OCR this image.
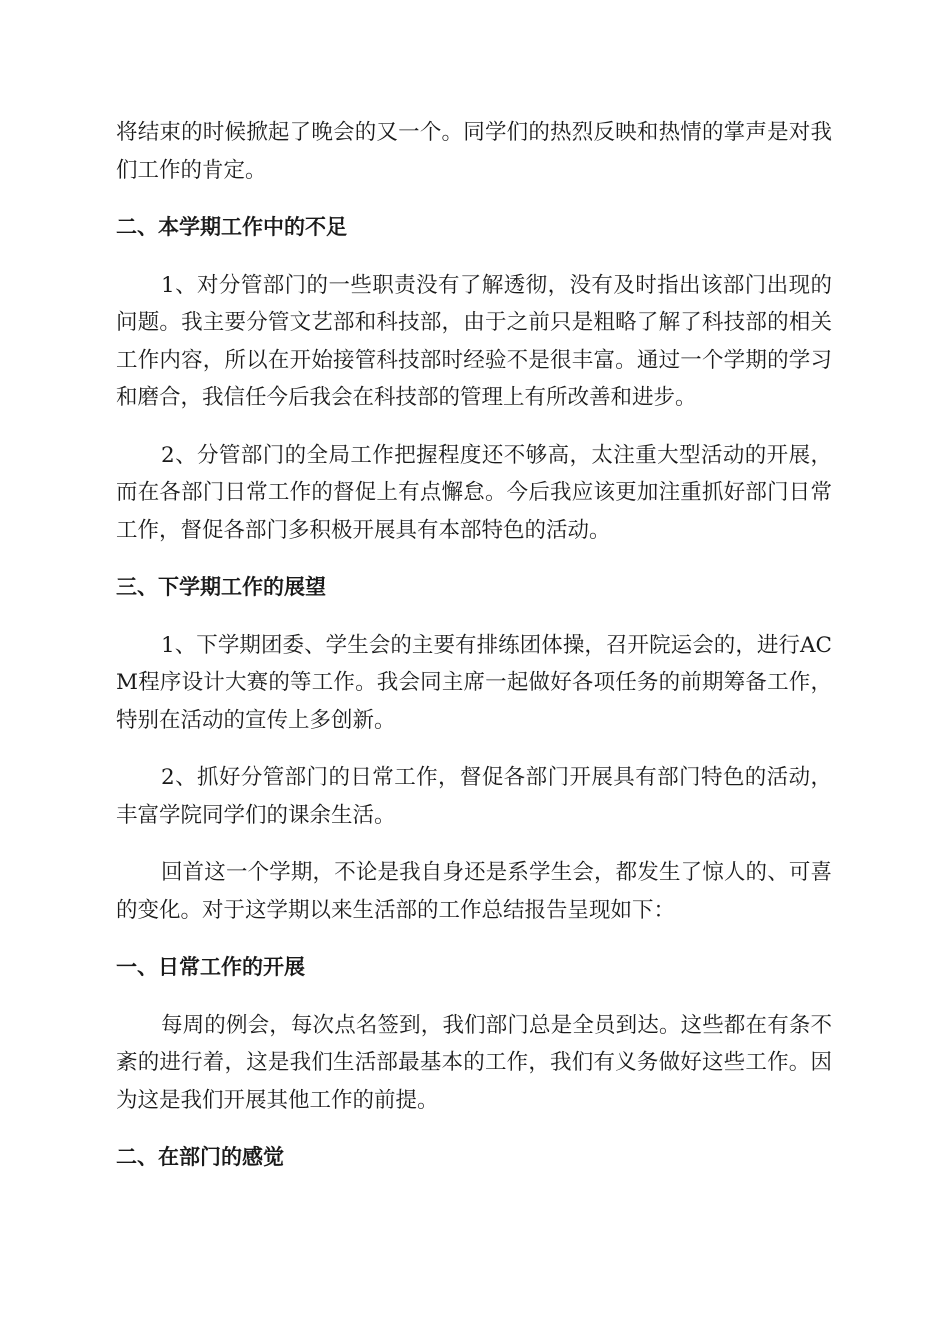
将结束的时候掀起了晚会的又一个。同学们的热烈反映和热情的掌声是对我们工作的肯定。

二、本学期工作中的不足

1、对分管部门的一些职责没有了解透彻，没有及时指出该部门出现的问题。我主要分管文艺部和科技部，由于之前只是粗略了解了科技部的相关工作内容，所以在开始接管科技部时经验不是很丰富。通过一个学期的学习和磨合，我信任今后我会在科技部的管理上有所改善和进步。

2、分管部门的全局工作把握程度还不够高，太注重大型活动的开展，而在各部门日常工作的督促上有点懈怠。今后我应该更加注重抓好部门日常工作，督促各部门多积极开展具有本部特色的活动。

三、下学期工作的展望

1、下学期团委、学生会的主要有排练团体操，召开院运会的，进行ACM程序设计大赛的等工作。我会同主席一起做好各项任务的前期筹备工作，特别在活动的宣传上多创新。

2、抓好分管部门的日常工作，督促各部门开展具有部门特色的活动，丰富学院同学们的课余生活。

回首这一个学期，不论是我自身还是系学生会，都发生了惊人的、可喜的变化。对于这学期以来生活部的工作总结报告呈现如下：

一、日常工作的开展

每周的例会，每次点名签到，我们部门总是全员到达。这些都在有条不紊的进行着，这是我们生活部最基本的工作，我们有义务做好这些工作。因为这是我们开展其他工作的前提。

二、在部门的感觉
